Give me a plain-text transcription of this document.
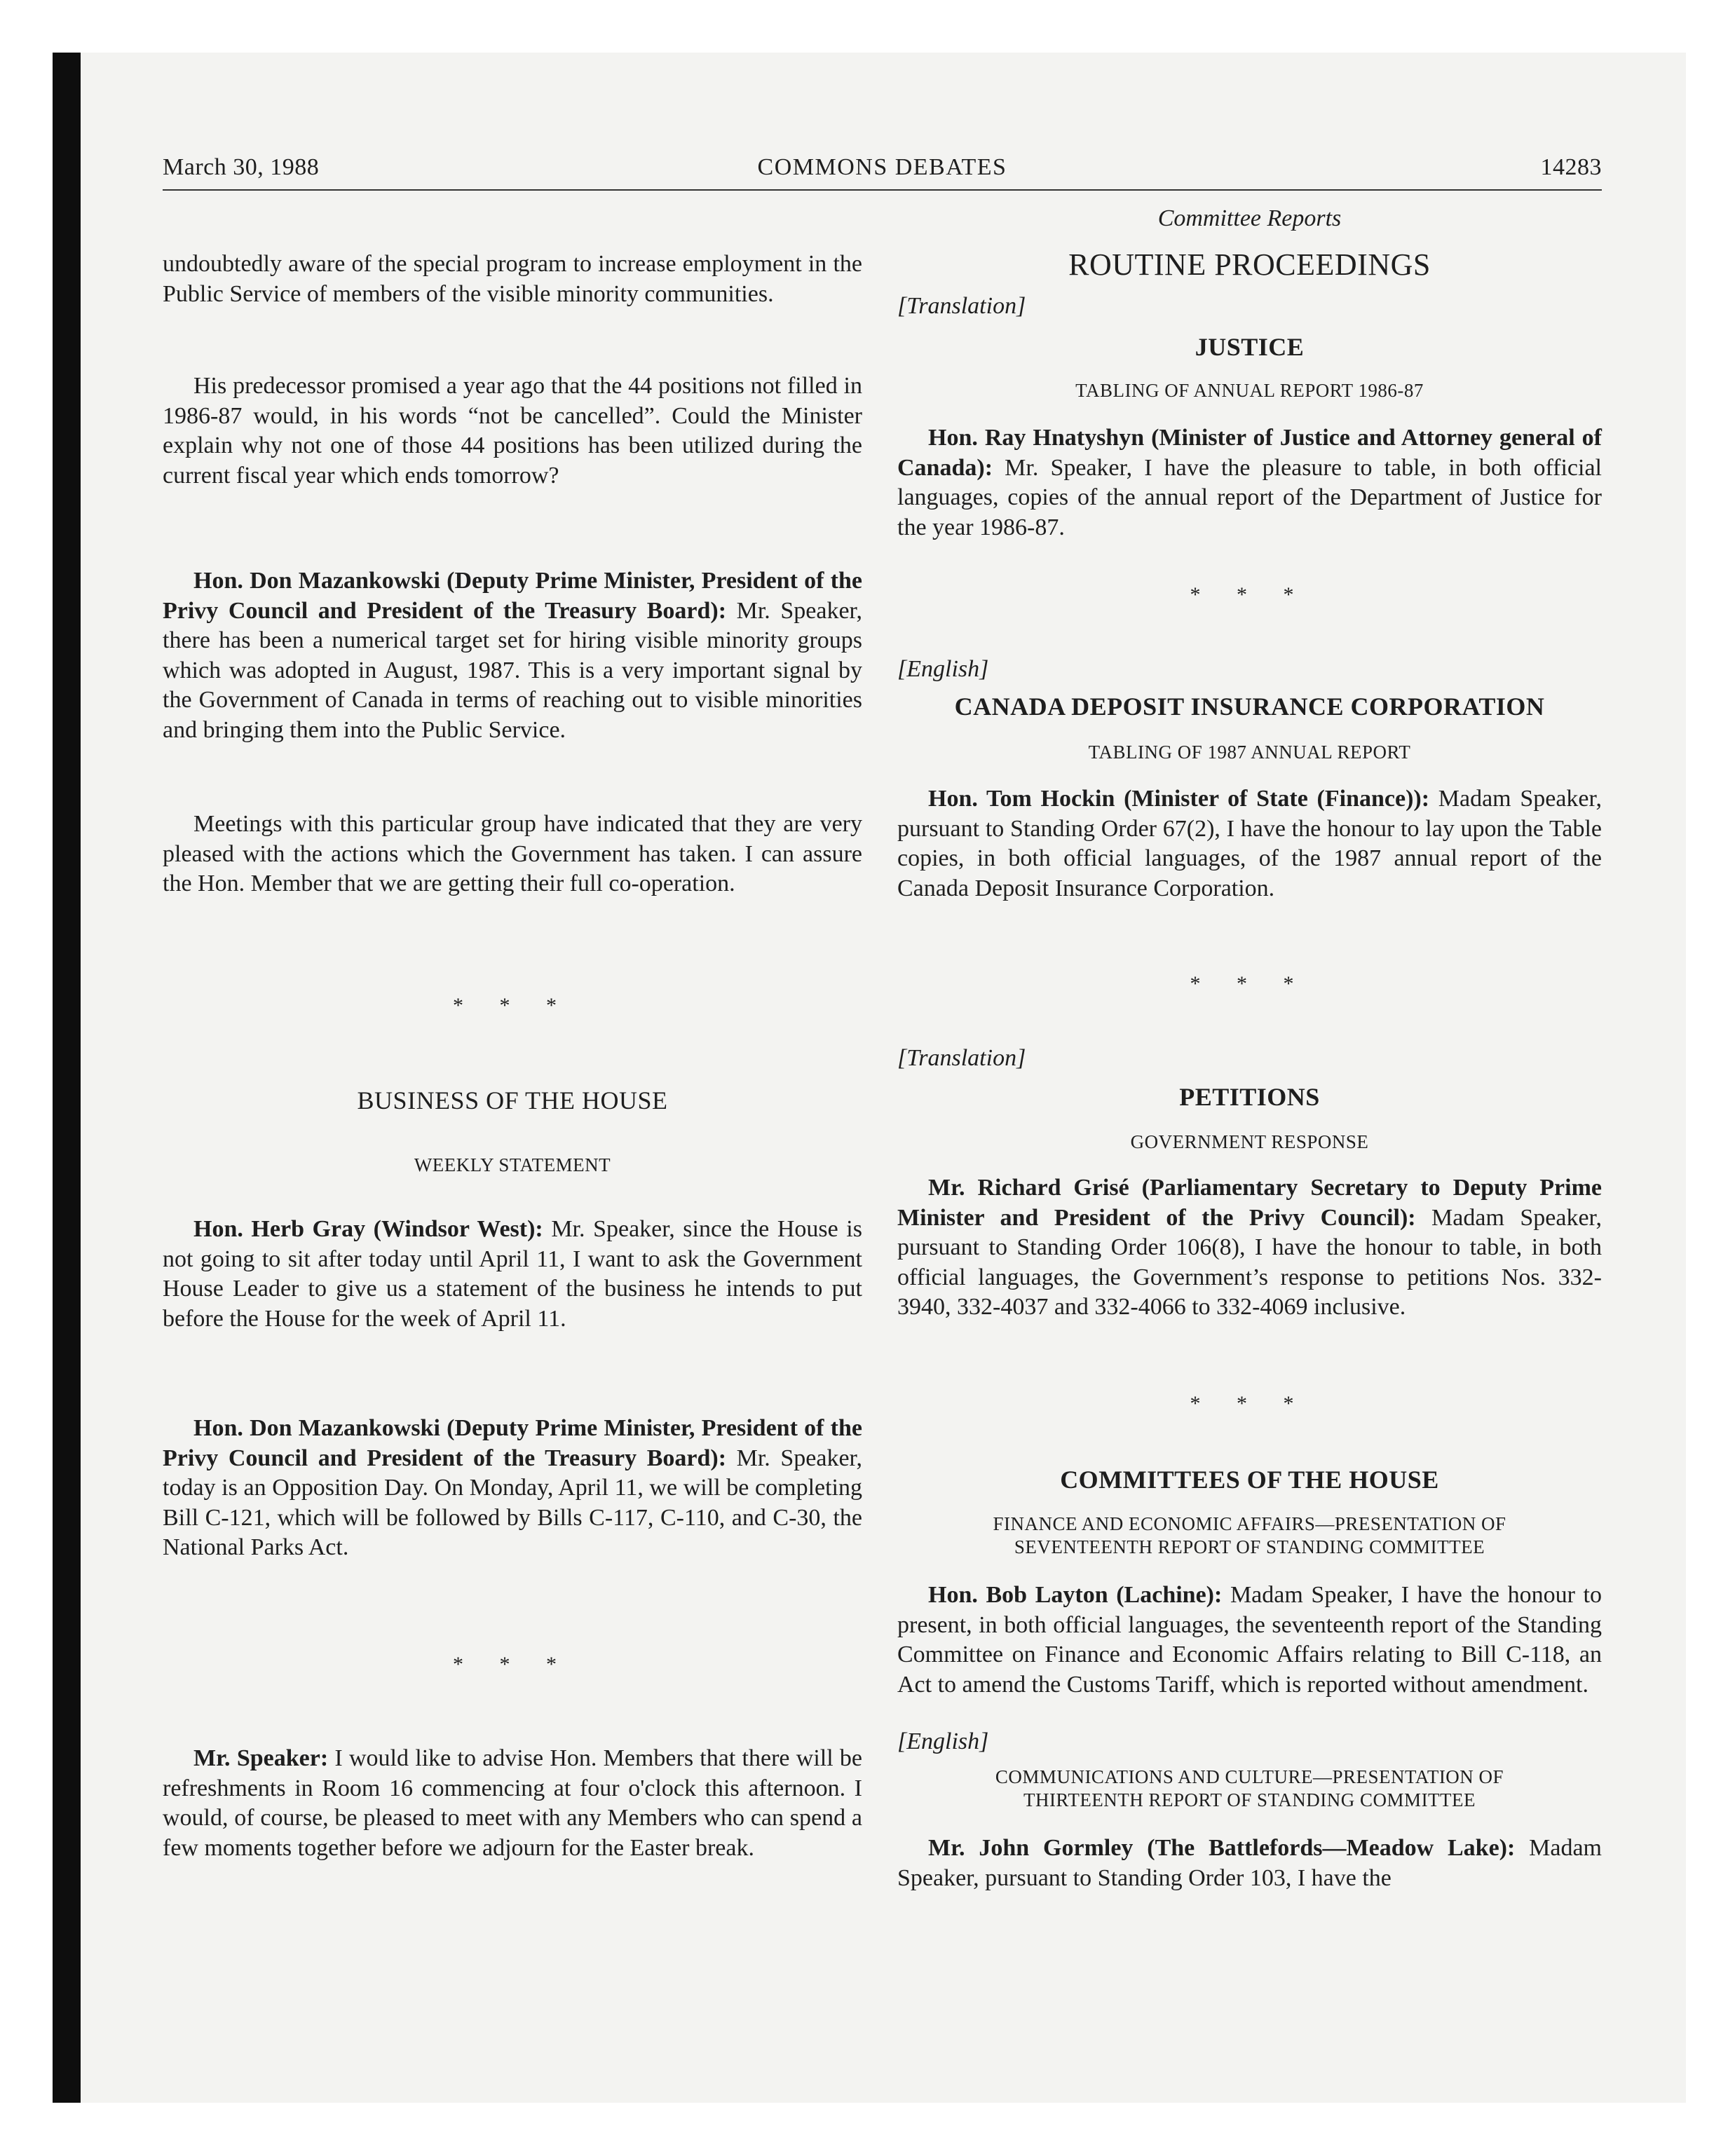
March 30, 1988	COMMONS DEBATES	14283

undoubtedly aware of the special program to increase employment in the Public Service of members of the visible minority communities.

His predecessor promised a year ago that the 44 positions not filled in 1986-87 would, in his words “not be cancelled”. Could the Minister explain why not one of those 44 positions has been utilized during the current fiscal year which ends tomorrow?

Hon. Don Mazankowski (Deputy Prime Minister, President of the Privy Council and President of the Treasury Board): Mr. Speaker, there has been a numerical target set for hiring visible minority groups which was adopted in August, 1987. This is a very important signal by the Government of Canada in terms of reaching out to visible minorities and bringing them into the Public Service.

Meetings with this particular group have indicated that they are very pleased with the actions which the Government has taken. I can assure the Hon. Member that we are getting their full co-operation.

* * *
BUSINESS OF THE HOUSE
WEEKLY STATEMENT

Hon. Herb Gray (Windsor West): Mr. Speaker, since the House is not going to sit after today until April 11, I want to ask the Government House Leader to give us a statement of the business he intends to put before the House for the week of April 11.

Hon. Don Mazankowski (Deputy Prime Minister, President of the Privy Council and President of the Treasury Board): Mr. Speaker, today is an Opposition Day. On Monday, April 11, we will be completing Bill C-121, which will be followed by Bills C-117, C-110, and C-30, the National Parks Act.

* * *

Mr. Speaker: I would like to advise Hon. Members that there will be refreshments in Room 16 commencing at four o'clock this afternoon. I would, of course, be pleased to meet with any Members who can spend a few moments together before we adjourn for the Easter break.

Committee Reports
ROUTINE PROCEEDINGS
[Translation]
JUSTICE
TABLING OF ANNUAL REPORT 1986-87

Hon. Ray Hnatyshyn (Minister of Justice and Attorney general of Canada): Mr. Speaker, I have the pleasure to table, in both official languages, copies of the annual report of the Department of Justice for the year 1986-87.

* * *
[English]
CANADA DEPOSIT INSURANCE CORPORATION
TABLING OF 1987 ANNUAL REPORT

Hon. Tom Hockin (Minister of State (Finance)): Madam Speaker, pursuant to Standing Order 67(2), I have the honour to lay upon the Table copies, in both official languages, of the 1987 annual report of the Canada Deposit Insurance Corporation.

* * *
[Translation]
PETITIONS
GOVERNMENT RESPONSE

Mr. Richard Grisé (Parliamentary Secretary to Deputy Prime Minister and President of the Privy Council): Madam Speaker, pursuant to Standing Order 106(8), I have the honour to table, in both official languages, the Government’s response to petitions Nos. 332-3940, 332-4037 and 332-4066 to 332-4069 inclusive.

* * *
COMMITTEES OF THE HOUSE
FINANCE AND ECONOMIC AFFAIRS—PRESENTATION OF
SEVENTEENTH REPORT OF STANDING COMMITTEE

Hon. Bob Layton (Lachine): Madam Speaker, I have the honour to present, in both official languages, the seventeenth report of the Standing Committee on Finance and Economic Affairs relating to Bill C-118, an Act to amend the Customs Tariff, which is reported without amendment.

[English]
COMMUNICATIONS AND CULTURE—PRESENTATION OF
THIRTEENTH REPORT OF STANDING COMMITTEE

Mr. John Gormley (The Battlefords—Meadow Lake): Madam Speaker, pursuant to Standing Order 103, I have the
